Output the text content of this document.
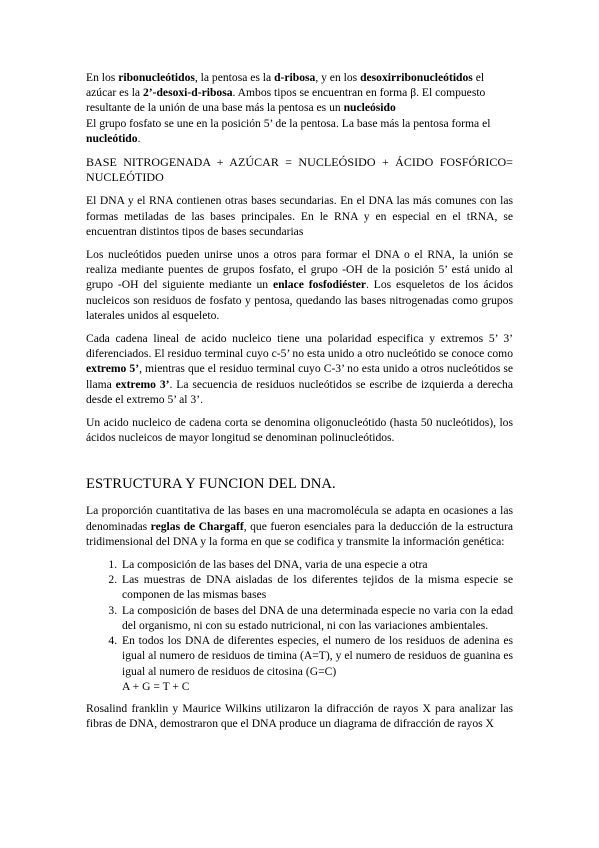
En los ribonucleótidos, la pentosa es la d-ribosa, y en los desoxirribonucleótidos el azúcar es la 2’-desoxi-d-ribosa. Ambos tipos se encuentran en forma β. El compuesto resultante de la unión de una base más la pentosa es un nucleósido

El grupo fosfato se une en la posición 5’ de la pentosa. La base más la pentosa forma el nucleótido.

BASE NITROGENADA + AZÚCAR = NUCLEÓSIDO + ÁCIDO FOSFÓRICO= NUCLEÓTIDO

El DNA y el RNA contienen otras bases secundarias. En el DNA las más comunes con las formas metiladas de las bases principales. En le RNA y en especial en el tRNA, se encuentran distintos tipos de bases secundarias

Los nucleótidos pueden unirse unos a otros para formar el DNA o el RNA, la unión se realiza mediante puentes de grupos fosfato, el grupo -OH de la posición 5’ está unido al grupo -OH del siguiente mediante un enlace fosfodiéster. Los esqueletos de los ácidos nucleicos son residuos de fosfato y pentosa, quedando las bases nitrogenadas como grupos laterales unidos al esqueleto.

Cada cadena lineal de acido nucleico tiene una polaridad especifica y extremos 5’ 3’ diferenciados. El residuo terminal cuyo c-5’ no esta unido a otro nucleótido se conoce como extremo 5’, mientras que el residuo terminal cuyo C-3’ no esta unido a otros nucleótidos se llama extremo 3’. La secuencia de residuos nucleótidos se escribe de izquierda a derecha desde el extremo 5’ al 3’.

Un acido nucleico de cadena corta se denomina oligonucleótido (hasta 50 nucleótidos), los ácidos nucleicos de mayor longitud se denominan polinucleótidos.

ESTRUCTURA Y FUNCION DEL DNA.

La proporción cuantitativa de las bases en una macromolécula se adapta en ocasiones a las denominadas reglas de Chargaff, que fueron esenciales para la deducción de la estructura tridimensional del DNA y la forma en que se codifica y transmite la información genética:

1. La composición de las bases del DNA, varia de una especie a otra
2. Las muestras de DNA aisladas de los diferentes tejidos de la misma especie se componen de las mismas bases
3. La composición de bases del DNA de una determinada especie no varia con la edad del organismo, ni con su estado nutricional, ni con las variaciones ambientales.
4. En todos los DNA de diferentes especies, el numero de los residuos de adenina es igual al numero de residuos de timina (A=T), y el numero de residuos de guanina es igual al numero de residuos de citosina (G=C)
A + G = T + C

Rosalind franklin y Maurice Wilkins utilizaron la difracción de rayos X para analizar las fibras de DNA, demostraron que el DNA produce un diagrama de difracción de rayos X
